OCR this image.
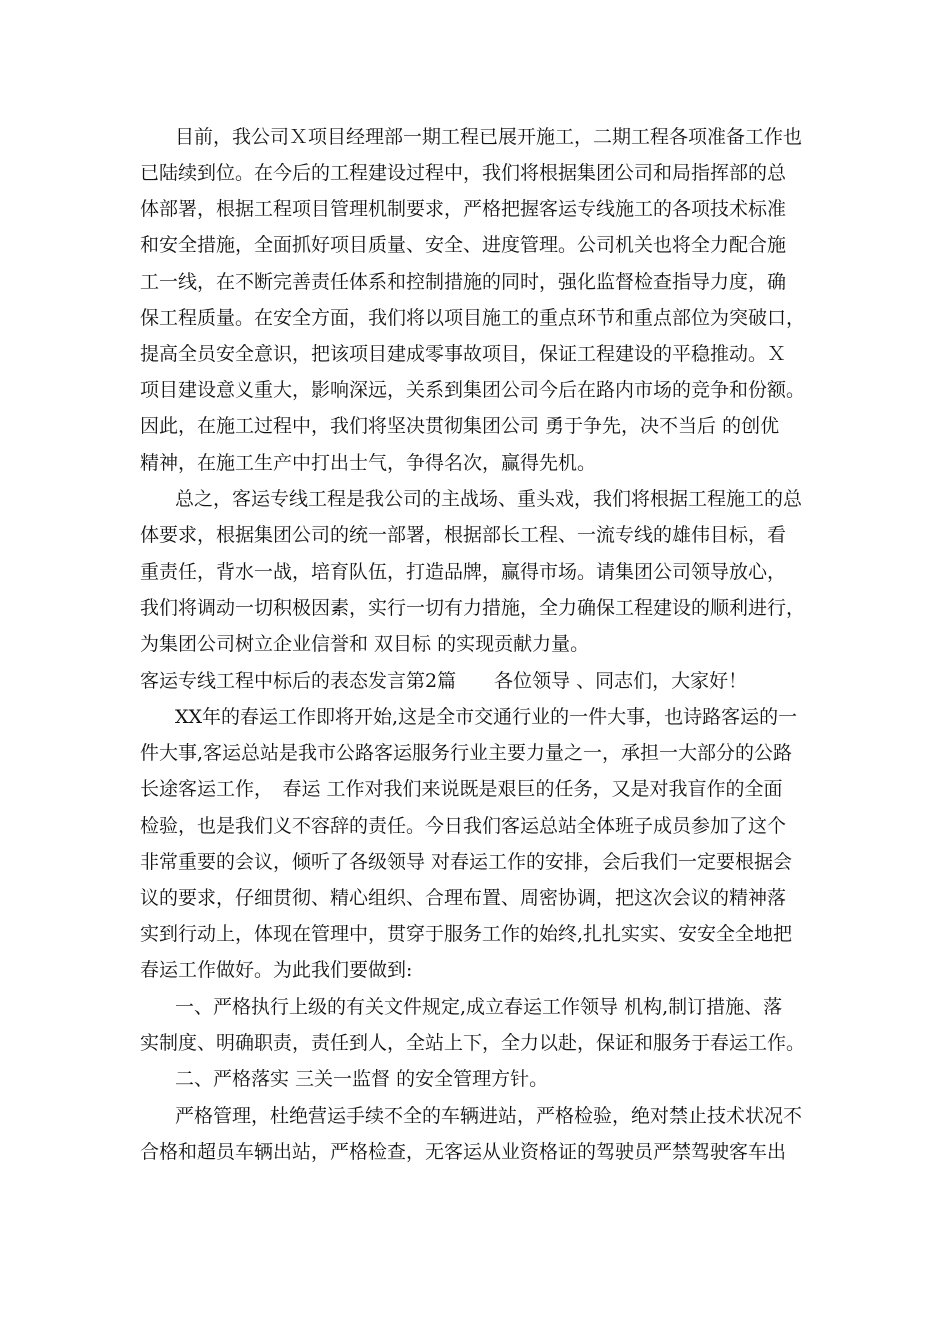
目前，我公司Ｘ项目经理部一期工程已展开施工，二期工程各项准备工作也
已陆续到位。在今后的工程建设过程中，我们将根据集团公司和局指挥部的总
体部署，根据工程项目管理机制要求，严格把握客运专线施工的各项技术标准
和安全措施，全面抓好项目质量、安全、进度管理。公司机关也将全力配合施
工一线，在不断完善责任体系和控制措施的同时，强化监督检查指导力度，确
保工程质量。在安全方面，我们将以项目施工的重点环节和重点部位为突破口，
提高全员安全意识，把该项目建成零事故项目，保证工程建设的平稳推动。Ｘ
项目建设意义重大，影响深远，关系到集团公司今后在路内市场的竞争和份额。
因此，在施工过程中，我们将坚决贯彻集团公司 勇于争先，决不当后 的创优
精神，在施工生产中打出士气，争得名次，赢得先机。
总之，客运专线工程是我公司的主战场、重头戏，我们将根据工程施工的总
体要求，根据集团公司的统一部署，根据部长工程、一流专线的雄伟目标，看
重责任，背水一战，培育队伍，打造品牌，赢得市场。请集团公司领导放心，
我们将调动一切积极因素，实行一切有力措施，全力确保工程建设的顺利进行，
为集团公司树立企业信誉和 双目标 的实现贡献力量。
客运专线工程中标后的表态发言第2篇　　各位领导 、同志们，大家好！
XX年的春运工作即将开始,这是全市交通行业的一件大事，也诗路客运的一
件大事,客运总站是我市公路客运服务行业主要力量之一，承担一大部分的公路
长途客运工作，　春运 工作对我们来说既是艰巨的任务，又是对我盲作的全面
检验，也是我们义不容辞的责任。今日我们客运总站全体班子成员参加了这个
非常重要的会议，倾听了各级领导 对春运工作的安排，会后我们一定要根据会
议的要求，仔细贯彻、精心组织、合理布置、周密协调，把这次会议的精神落
实到行动上，体现在管理中，贯穿于服务工作的始终,扎扎实实、安安全全地把
春运工作做好。为此我们要做到:
一、严格执行上级的有关文件规定,成立春运工作领导 机构,制订措施、落
实制度、明确职责，责任到人，全站上下，全力以赴，保证和服务于春运工作。
二、严格落实 三关一监督 的安全管理方针。
严格管理，杜绝营运手续不全的车辆进站，严格检验，绝对禁止技术状况不
合格和超员车辆出站，严格检查，无客运从业资格证的驾驶员严禁驾驶客车出
